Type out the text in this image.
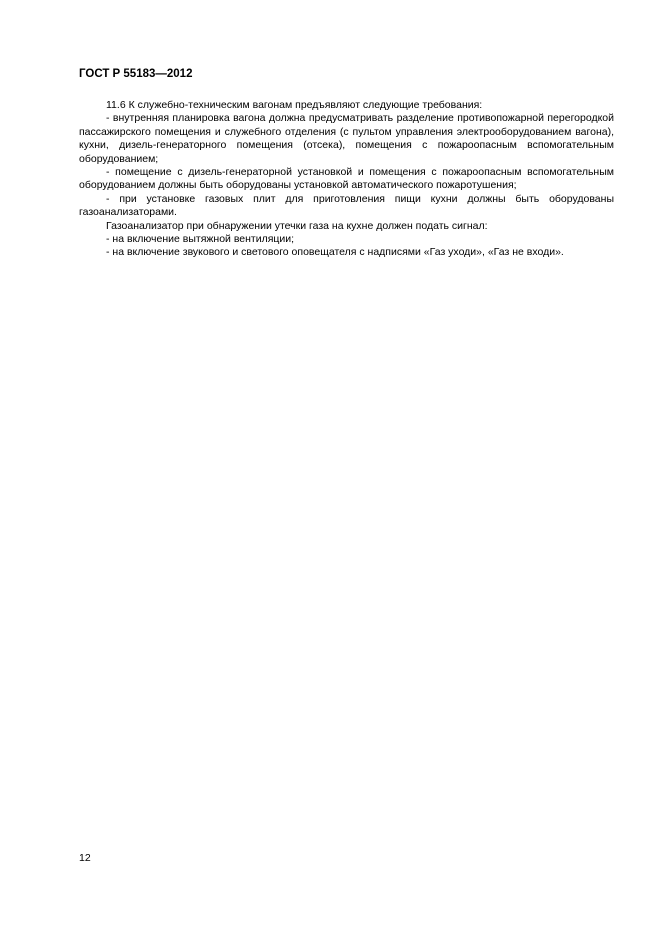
ГОСТ Р 55183—2012

11.6 К служебно-техническим вагонам предъявляют следующие требования:

- внутренняя планировка вагона должна предусматривать разделение противопожарной перегородкой пассажирского помещения и служебного отделения (с пультом управления электрооборудованием вагона), кухни, дизель-генераторного помещения (отсека), помещения с пожароопасным вспомогательным оборудованием;

- помещение с дизель-генераторной установкой и помещения с пожароопасным вспомогательным оборудованием должны быть оборудованы установкой автоматического пожаротушения;

- при установке газовых плит для приготовления пищи кухни должны быть оборудованы газоанализаторами.

Газоанализатор при обнаружении утечки газа на кухне должен подать сигнал:

- на включение вытяжной вентиляции;

- на включение звукового и светового оповещателя с надписями «Газ уходи», «Газ не входи».

12
